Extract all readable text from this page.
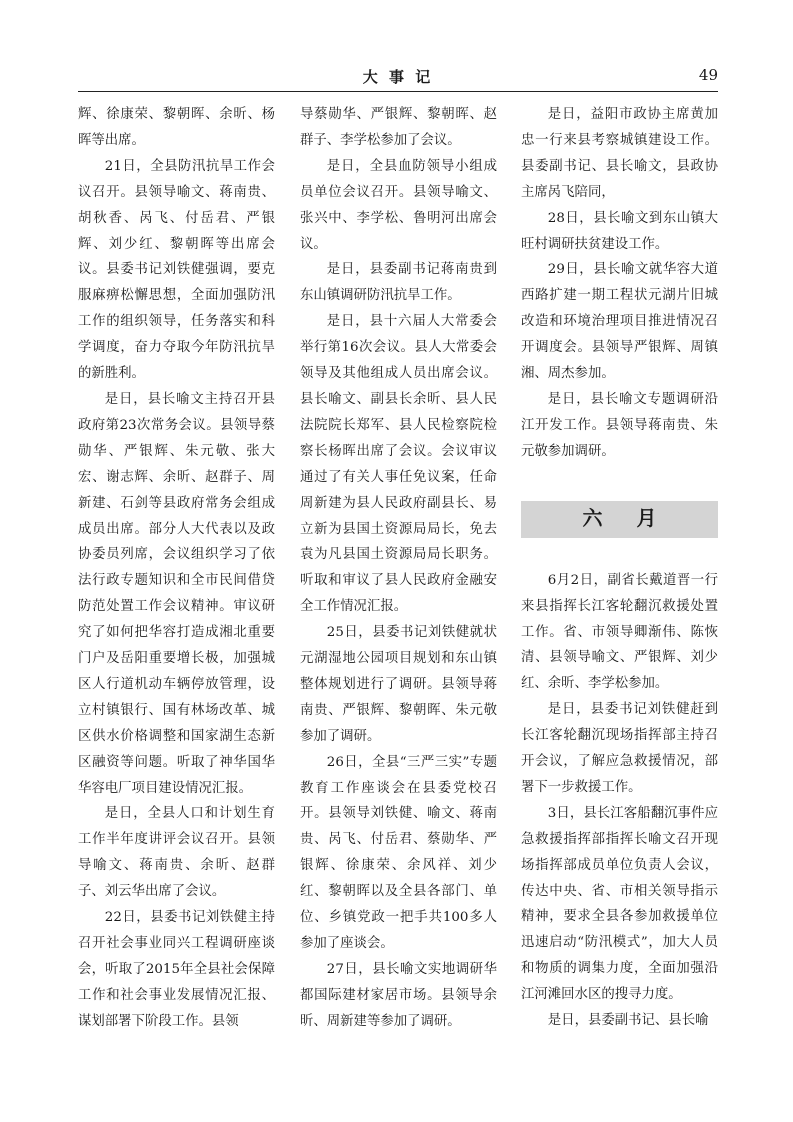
大 事 记	49

辉、徐康荣、黎朝晖、余昕、杨晖等出席。

21日，全县防汛抗旱工作会议召开。县领导喻文、蒋南贵、胡秋香、呙飞、付岳君、严银辉、刘少红、黎朝晖等出席会议。县委书记刘铁健强调，要克服麻痹松懈思想，全面加强防汛工作的组织领导，任务落实和科学调度，奋力夺取今年防汛抗旱的新胜利。

是日，县长喻文主持召开县政府第23次常务会议。县领导蔡勋华、严银辉、朱元敬、张大宏、谢志辉、余昕、赵群子、周新建、石剑等县政府常务会组成成员出席。部分人大代表以及政协委员列席，会议组织学习了依法行政专题知识和全市民间借贷防范处置工作会议精神。审议研究了如何把华容打造成湘北重要门户及岳阳重要增长极，加强城区人行道机动车辆停放管理，设立村镇银行、国有林场改革、城区供水价格调整和国家湖生态新区融资等问题。听取了神华国华华容电厂项目建设情况汇报。

是日，全县人口和计划生育工作半年度讲评会议召开。县领导喻文、蒋南贵、余昕、赵群子、刘云华出席了会议。

22日，县委书记刘铁健主持召开社会事业同兴工程调研座谈会，听取了2015年全县社会保障工作和社会事业发展情况汇报、谋划部署下阶段工作。县领

导蔡勋华、严银辉、黎朝晖、赵群子、李学松参加了会议。

是日，全县血防领导小组成员单位会议召开。县领导喻文、张兴中、李学松、鲁明河出席会议。

是日，县委副书记蒋南贵到东山镇调研防汛抗旱工作。

是日，县十六届人大常委会举行第16次会议。县人大常委会领导及其他组成人员出席会议。县长喻文、副县长余昕、县人民法院院长郑军、县人民检察院检察长杨晖出席了会议。会议审议通过了有关人事任免议案，任命周新建为县人民政府副县长、易立新为县国土资源局局长，免去袁为凡县国土资源局局长职务。听取和审议了县人民政府金融安全工作情况汇报。

25日，县委书记刘铁健就状元湖湿地公园项目规划和东山镇整体规划进行了调研。县领导蒋南贵、严银辉、黎朝晖、朱元敬参加了调研。

26日，全县“三严三实”专题教育工作座谈会在县委党校召开。县领导刘铁健、喻文、蒋南贵、呙飞、付岳君、蔡勋华、严银辉、徐康荣、余风祥、刘少红、黎朝晖以及全县各部门、单位、乡镇党政一把手共100多人参加了座谈会。

27日，县长喻文实地调研华都国际建材家居市场。县领导余昕、周新建等参加了调研。

是日，益阳市政协主席黄加忠一行来县考察城镇建设工作。县委副书记、县长喻文，县政协主席呙飞陪同，

28日，县长喻文到东山镇大旺村调研扶贫建设工作。

29日，县长喻文就华容大道西路扩建一期工程状元湖片旧城改造和环境治理项目推进情况召开调度会。县领导严银辉、周镇湘、周杰参加。

是日，县长喻文专题调研沿江开发工作。县领导蒋南贵、朱元敬参加调研。

六月

6月2日，副省长戴道晋一行来县指挥长江客轮翻沉救援处置工作。省、市领导卿渐伟、陈恢清、县领导喻文、严银辉、刘少红、余昕、李学松参加。

是日，县委书记刘铁健赶到长江客轮翻沉现场指挥部主持召开会议，了解应急救援情况，部署下一步救援工作。

3日，县长江客船翻沉事件应急救援指挥部指挥长喻文召开现场指挥部成员单位负责人会议，传达中央、省、市相关领导指示精神，要求全县各参加救援单位迅速启动“防汛模式”，加大人员和物质的调集力度，全面加强沿江河滩回水区的搜寻力度。

是日，县委副书记、县长喻
